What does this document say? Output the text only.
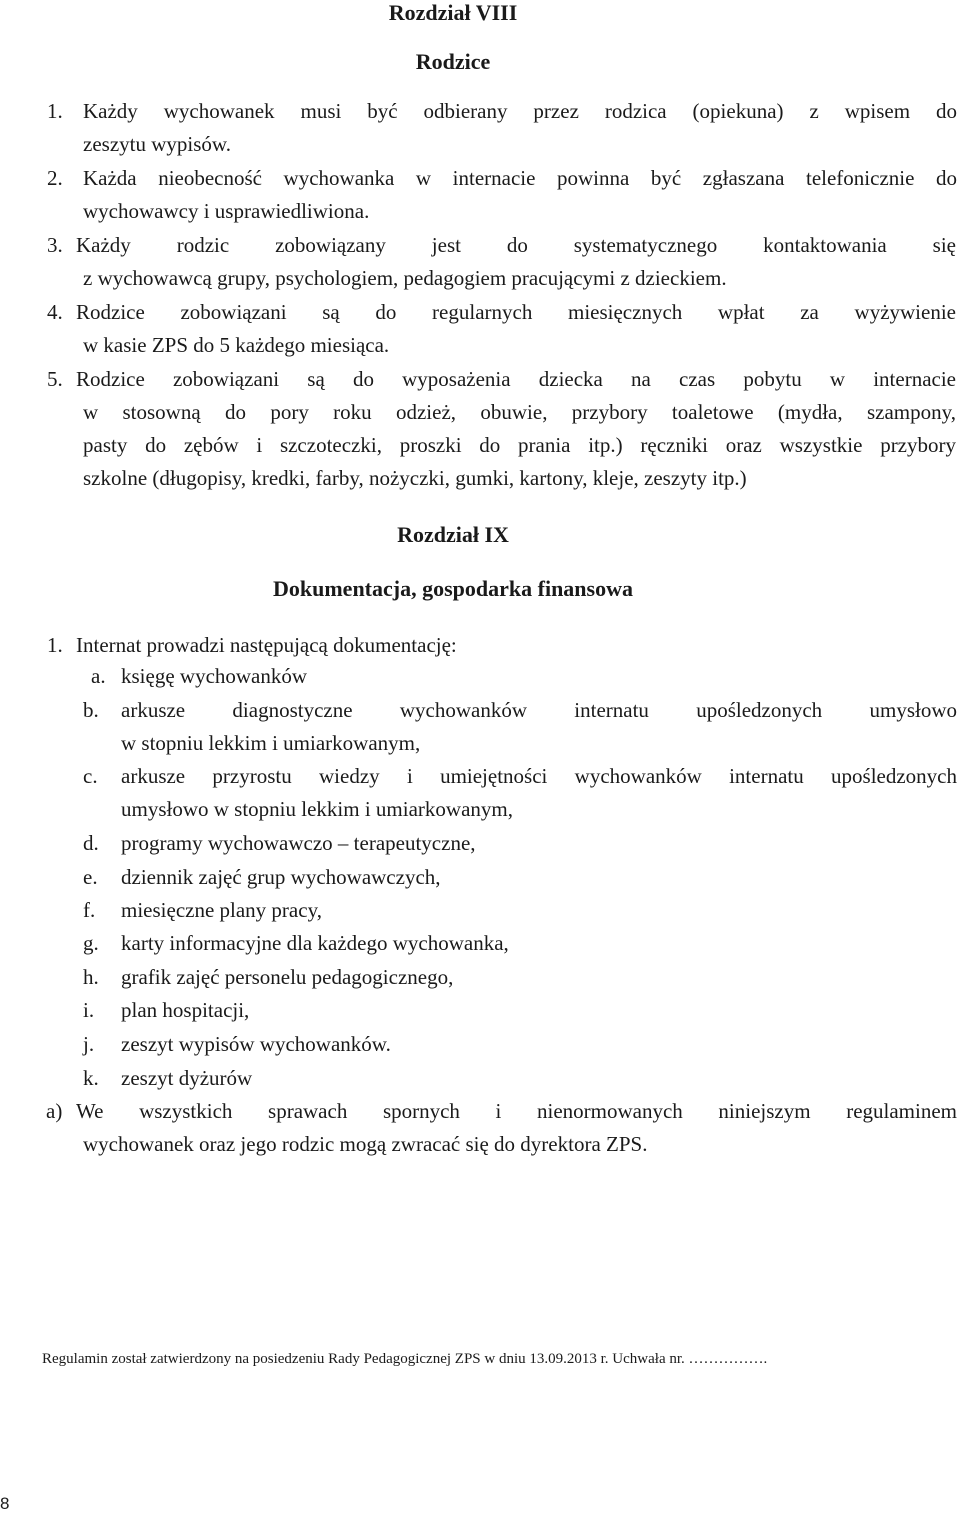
Rozdział VIII
Rodzice
1. Każdy wychowanek musi być odbierany przez rodzica (opiekuna) z wpisem do
zeszytu wypisów.
2. Każda nieobecność wychowanka w internacie powinna być zgłaszana telefonicznie do
wychowawcy i usprawiedliwiona.
3. Każdy rodzic zobowiązany jest do systematycznego kontaktowania się
z wychowawcą grupy, psychologiem, pedagogiem pracującymi z dzieckiem.
4. Rodzice zobowiązani są do regularnych miesięcznych wpłat za wyżywienie
w kasie ZPS do 5 każdego miesiąca.
5. Rodzice zobowiązani są do wyposażenia dziecka na czas pobytu w internacie
w stosowną do pory roku odzież, obuwie, przybory toaletowe (mydła, szampony,
pasty do zębów i szczoteczki, proszki do prania itp.) ręczniki oraz wszystkie przybory
szkolne (długopisy, kredki, farby, nożyczki, gumki, kartony, kleje, zeszyty itp.)
Rozdział IX
Dokumentacja, gospodarka finansowa
1. Internat prowadzi następującą dokumentację:
a. księgę wychowanków
b. arkusze diagnostyczne wychowanków internatu upośledzonych umysłowo
w stopniu lekkim i umiarkowanym,
c. arkusze przyrostu wiedzy i umiejętności wychowanków internatu upośledzonych
umysłowo w stopniu lekkim i umiarkowanym,
d. programy wychowawczo – terapeutyczne,
e. dziennik zajęć grup wychowawczych,
f. miesięczne plany pracy,
g. karty informacyjne dla każdego wychowanka,
h. grafik zajęć personelu pedagogicznego,
i. plan hospitacji,
j. zeszyt wypisów wychowanków.
k. zeszyt dyżurów
a) We wszystkich sprawach spornych i nienormowanych niniejszym regulaminem
wychowanek oraz jego rodzic mogą zwracać się do dyrektora ZPS.
Regulamin został zatwierdzony na posiedzeniu Rady Pedagogicznej ZPS w dniu 13.09.2013 r. Uchwała nr. …………….
8
